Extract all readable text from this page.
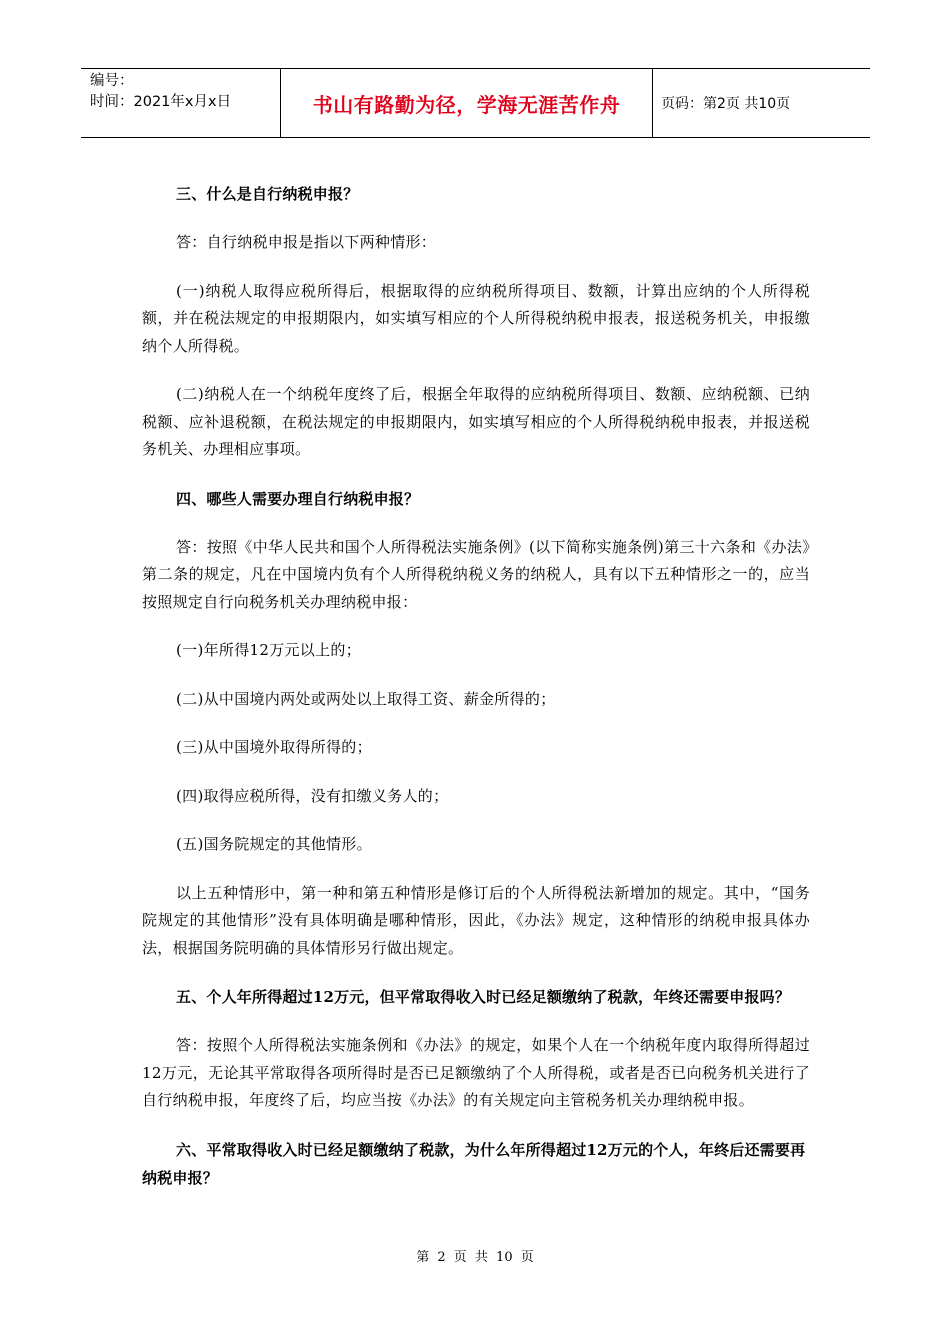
编号：
时间：2021年x月x日	书山有路勤为径，学海无涯苦作舟	页码：第2页 共10页
三、什么是自行纳税申报？
答：自行纳税申报是指以下两种情形：
(一)纳税人取得应税所得后，根据取得的应纳税所得项目、数额，计算出应纳的个人所得税额，并在税法规定的申报期限内，如实填写相应的个人所得税纳税申报表，报送税务机关，申报缴纳个人所得税。
(二)纳税人在一个纳税年度终了后，根据全年取得的应纳税所得项目、数额、应纳税额、已纳税额、应补退税额，在税法规定的申报期限内，如实填写相应的个人所得税纳税申报表，并报送税务机关、办理相应事项。
四、哪些人需要办理自行纳税申报？
答：按照《中华人民共和国个人所得税法实施条例》(以下简称实施条例)第三十六条和《办法》第二条的规定，凡在中国境内负有个人所得税纳税义务的纳税人，具有以下五种情形之一的，应当按照规定自行向税务机关办理纳税申报：
(一)年所得12万元以上的；
(二)从中国境内两处或两处以上取得工资、薪金所得的；
(三)从中国境外取得所得的；
(四)取得应税所得，没有扣缴义务人的；
(五)国务院规定的其他情形。
以上五种情形中，第一种和第五种情形是修订后的个人所得税法新增加的规定。其中，“国务院规定的其他情形”没有具体明确是哪种情形，因此，《办法》规定，这种情形的纳税申报具体办法，根据国务院明确的具体情形另行做出规定。
五、个人年所得超过12万元，但平常取得收入时已经足额缴纳了税款，年终还需要申报吗？
答：按照个人所得税法实施条例和《办法》的规定，如果个人在一个纳税年度内取得所得超过12万元，无论其平常取得各项所得时是否已足额缴纳了个人所得税，或者是否已向税务机关进行了自行纳税申报，年度终了后，均应当按《办法》的有关规定向主管税务机关办理纳税申报。
六、平常取得收入时已经足额缴纳了税款，为什么年所得超过12万元的个人，年终后还需要再纳税申报？
第 2 页 共 10 页
